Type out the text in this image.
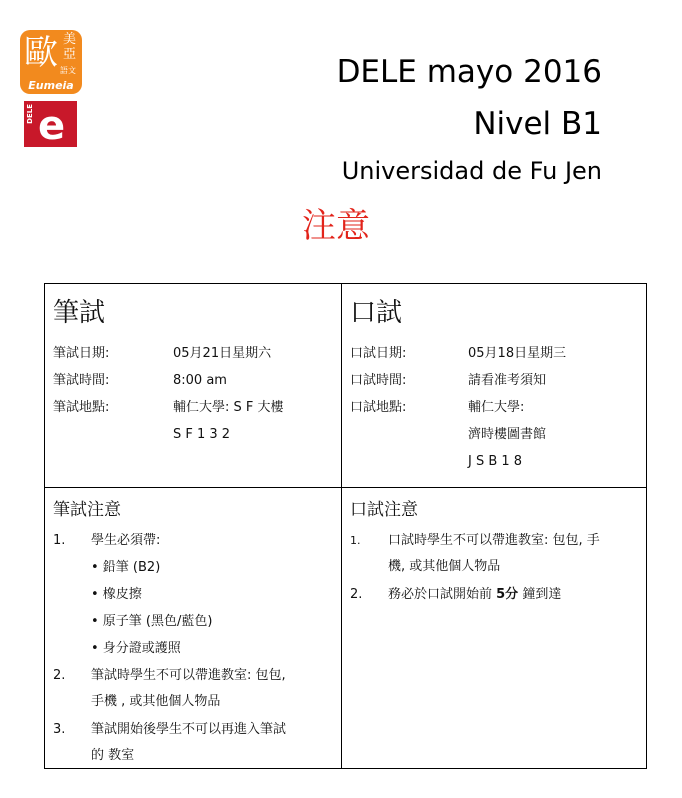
歐 美
亞
語文
Eumeia
DELE e
DELE mayo 2016
Nivel B1
Universidad de Fu Jen
注意
筆試
筆試日期:	05月21日星期六
筆試時間:	8:00 am
筆試地點:	輔仁大學: S F 大樓
S F 1 3 2
口試
口試日期:	05月18日星期三
口試時間:	請看准考須知
口試地點:	輔仁大學:
濟時樓圖書館
J S B 1 8
筆試注意
1. 學生必須帶:
• 鉛筆 (B2)
• 橡皮擦
• 原子筆 (黑色/藍色)
• 身分證或護照
2. 筆試時學生不可以帶進教室: 包包,
手機 , 或其他個人物品
3. 筆試開始後學生不可以再進入筆試
的 教室
口試注意
1. 口試時學生不可以帶進教室: 包包, 手
機, 或其他個人物品
2. 務必於口試開始前 5分 鐘到達
